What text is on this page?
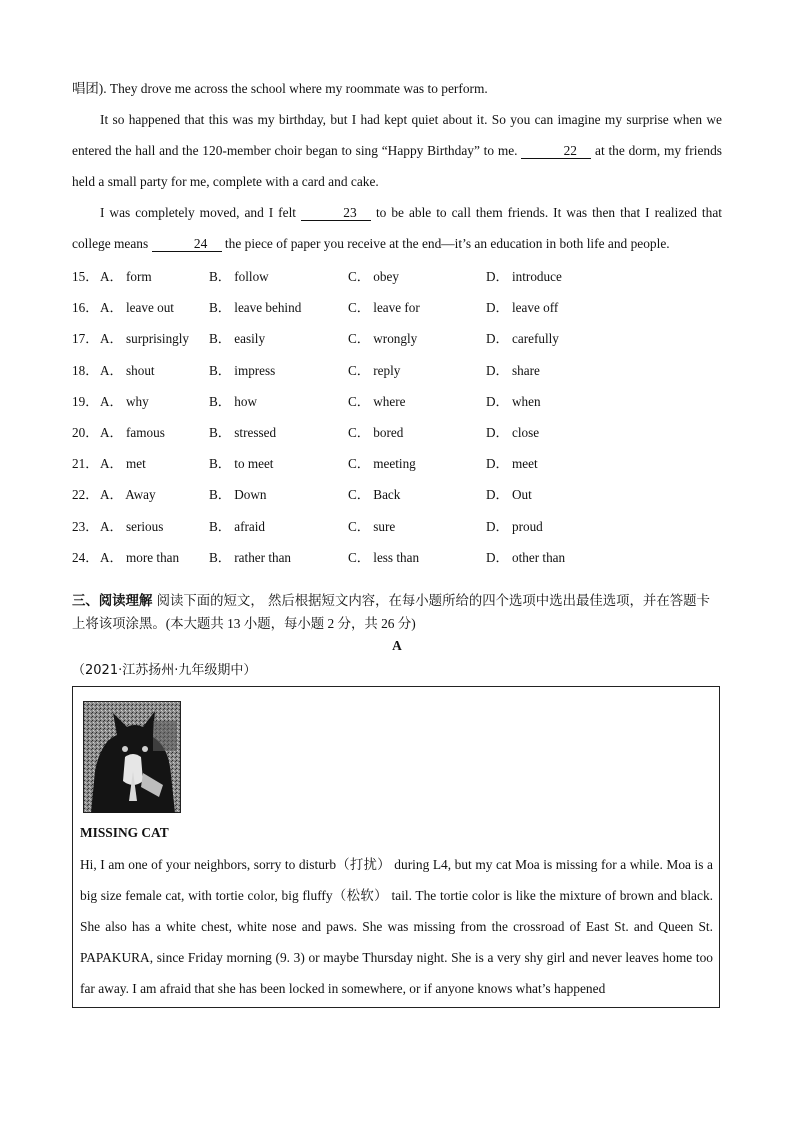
唱团). They drove me across the school where my roommate was to perform.

It so happened that this was my birthday, but I had kept quiet about it. So you can imagine my surprise when we entered the hall and the 120-member choir began to sing “Happy Birthday” to me.	22 at the dorm, my friends held a small party for me, complete with a card and cake.

I was completely moved, and I felt	23 to be able to call them friends. It was then that I realized that college means	24 the piece of paper you receive at the end—it’s an education in both life and people.

15． A． form	B． follow	C． obey	D． introduce
16． A． leave out	B． leave behind	C． leave for	D． leave off
17． A． surprisingly B． easily	C． wrongly	D． carefully
18． A． shout	B． impress	C． reply	D． share
19． A． why	B． how	C． where	D． when
20． A． famous	B． stressed	C． bored	D． close
21． A． met	B． to meet	C． meeting	D． meet
22． A． Away	B． Down	C． Back	D． Out
23． A． serious	B． afraid	C． sure	D． proud
24． A． more than B． rather than	C． less than	D． other than

三、阅读理解 阅读下面的短文， 然后根据短文内容，在每小题所给的四个选项中选出最佳选项，并在答题卡上将该项涂黑。(本大题共 13 小题，每小题 2 分，共 26 分)

A
（2021·江苏扬州·九年级期中）

MISSING CAT

Hi, I am one of your neighbors, sorry to disturb（打扰） during L4, but my cat Moa is missing for a while. Moa is a big size female cat, with tortie color, big fluffy（松软） tail. The tortie color is like the mixture of brown and black. She also has a white chest, white nose and paws. She was missing from the crossroad of East St. and Queen St. PAPAKURA, since Friday morning (9. 3) or maybe Thursday night. She is a very shy girl and never leaves home too far away. I am afraid that she has been locked in somewhere, or if anyone knows what’s happened
